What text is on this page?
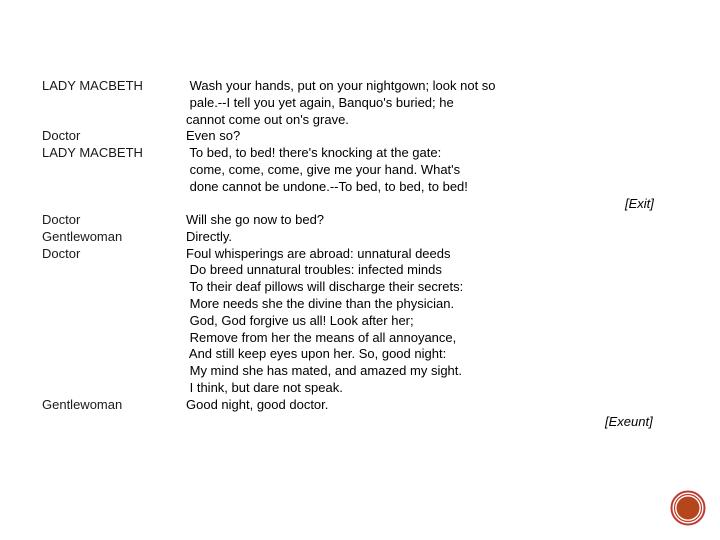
LADY MACBETH

Doctor
LADY MACBETH
Wash your hands, put on your nightgown; look not so
pale.--I tell you yet again, Banquo's buried; he
cannot come out on's grave.
Even so?
To bed, to bed! there's knocking at the gate:
come, come, come, give me your hand. What's
done cannot be undone.--To bed, to bed, to bed!
[Exit]
Doctor
Gentlewoman
Doctor
Will she go now to bed?
Directly.
Foul whisperings are abroad: unnatural deeds
Do breed unnatural troubles: infected minds
To their deaf pillows will discharge their secrets:
More needs she the divine than the physician.
God, God forgive us all! Look after her;
Remove from her the means of all annoyance,
And still keep eyes upon her. So, good night:
My mind she has mated, and amazed my sight.
I think, but dare not speak.
Gentlewoman	Good night, good doctor.
[Exeunt]
